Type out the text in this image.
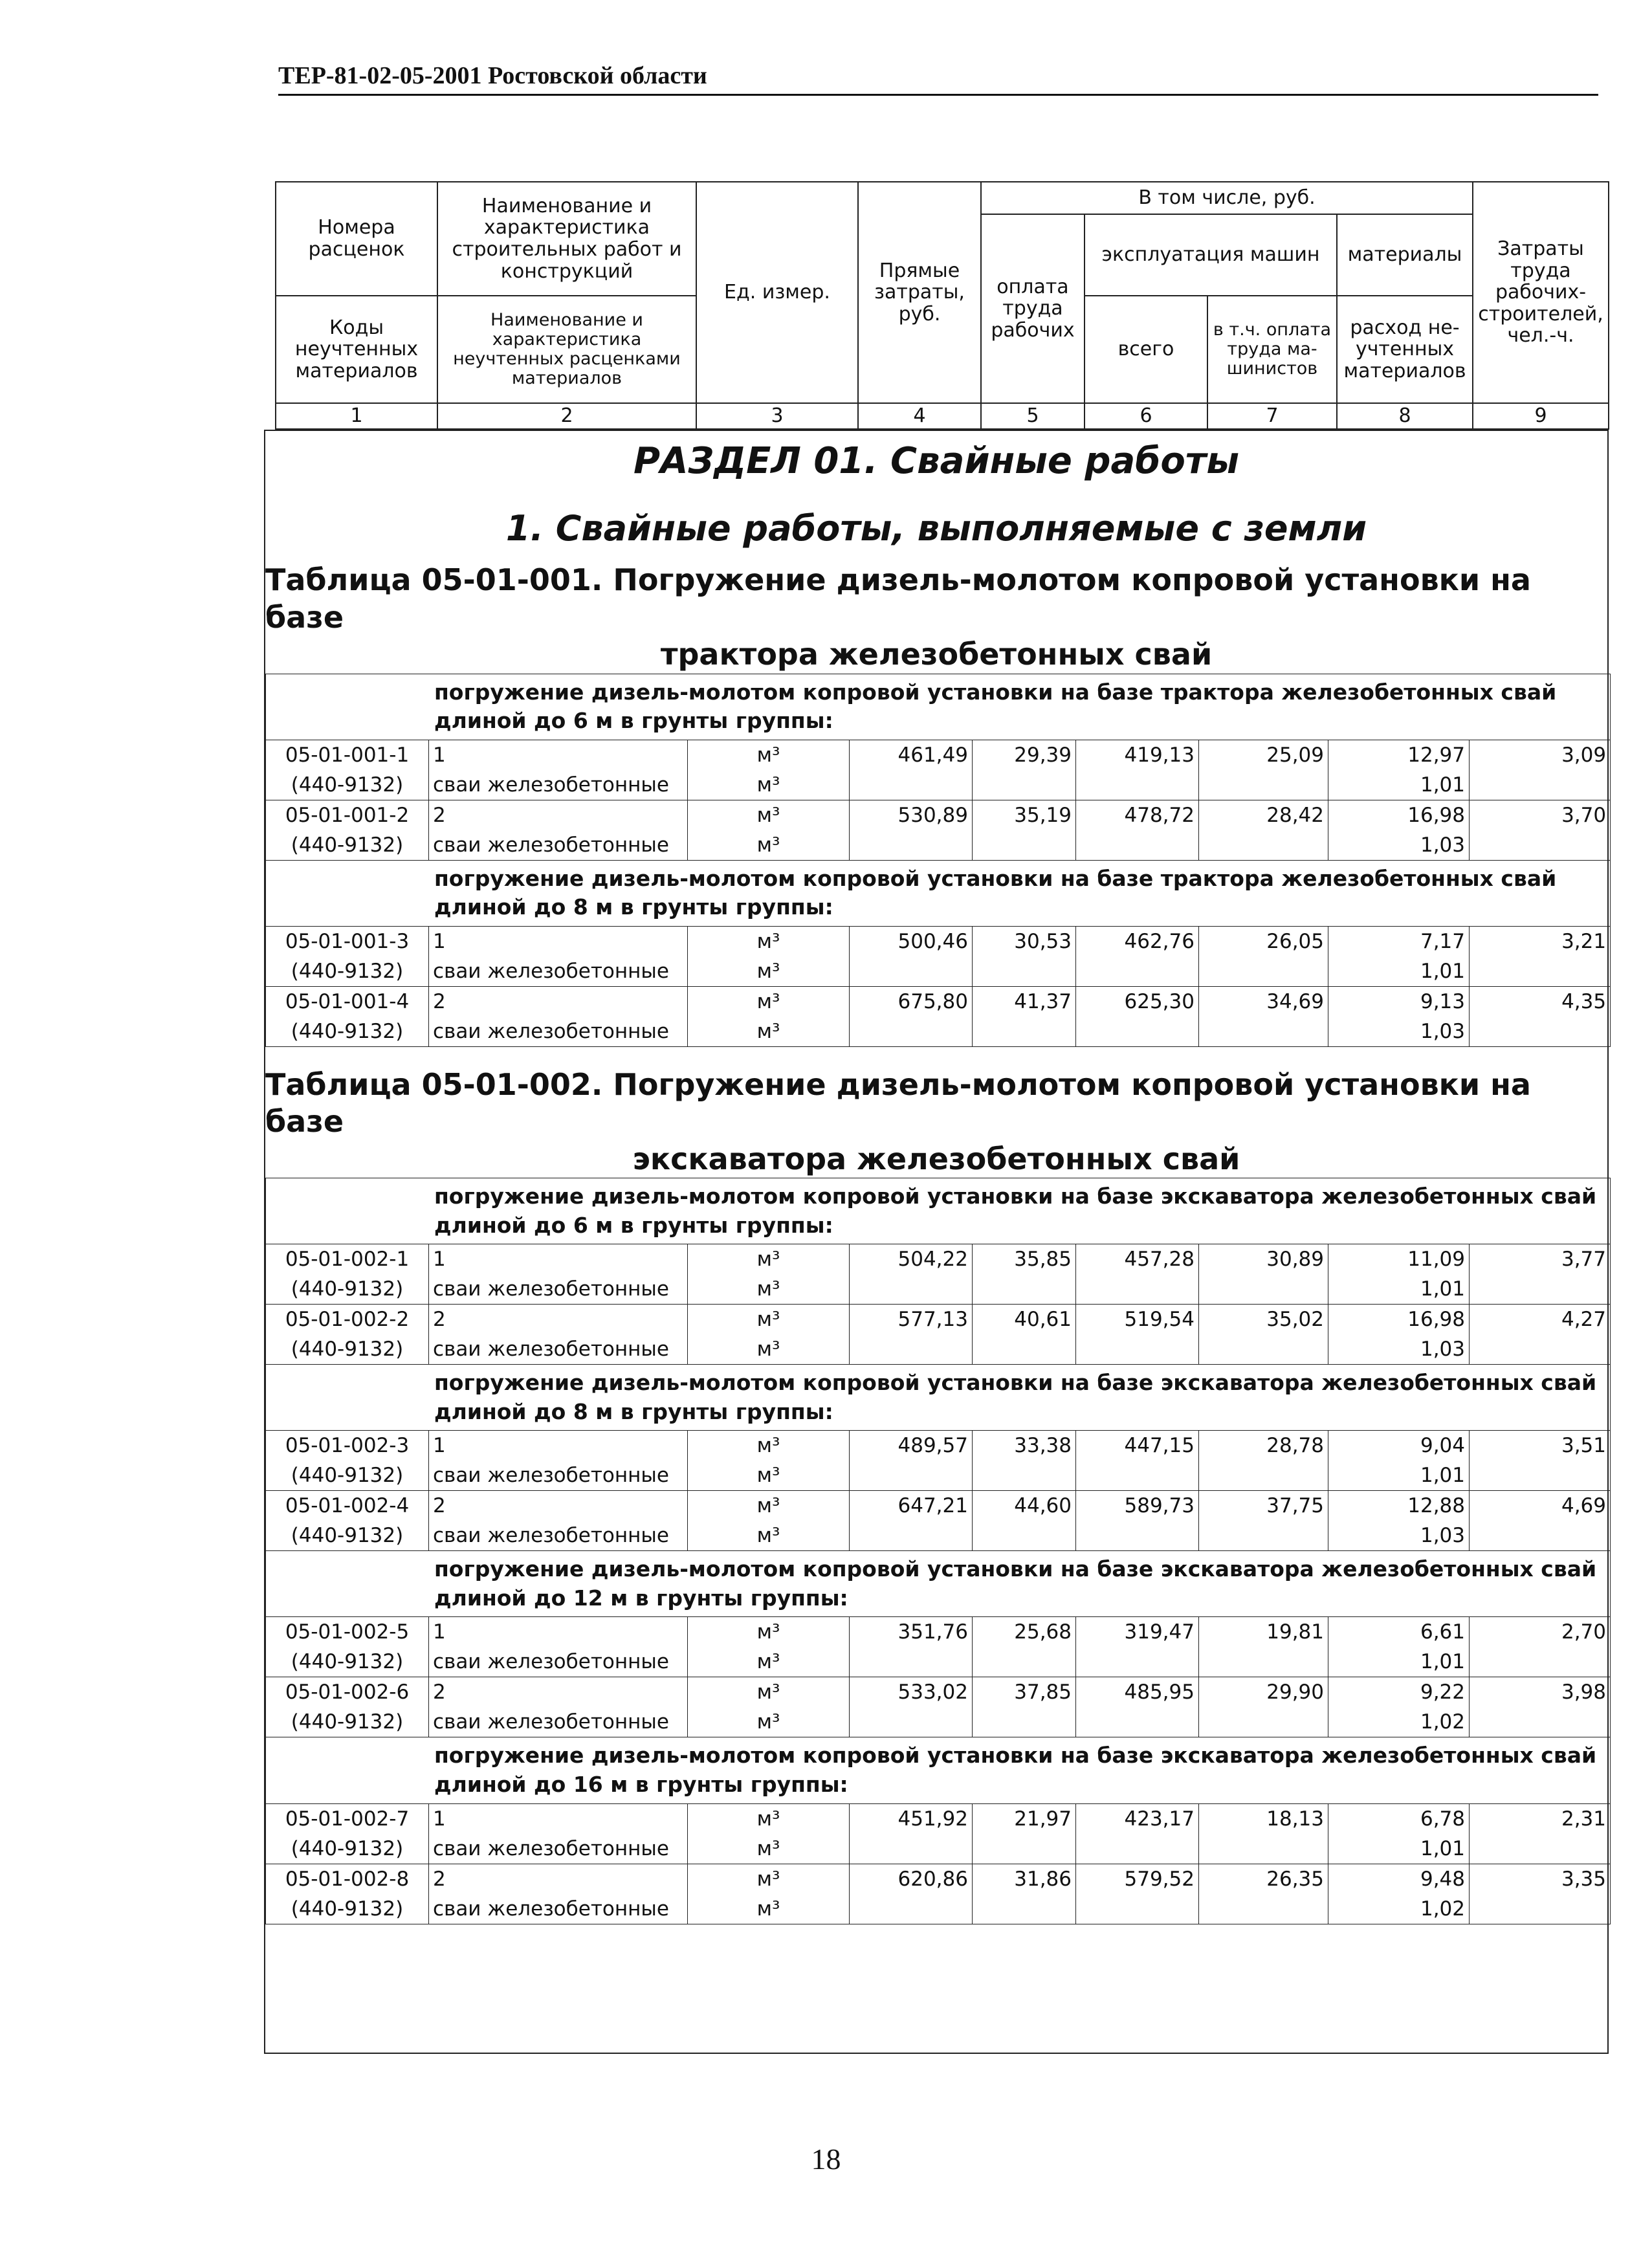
ТЕР-81-02-05-2001 Ростовской области
Номера расценок	Наименование и характеристика строительных работ и конструкций	Ед. измер.	Прямые затраты, руб.	В том числе, руб.				Затраты труда рабочих-строителей, чел.-ч.
				оплата труда рабочих	эксплуатация машин		материалы	
Коды неучтенных материалов	Наименование и характеристика неучтенных расценками материалов				всего	в т.ч. оплата труда ма-шинистов	расход не-учтенных материалов	

1	2	3	4	5	6	7	8	9

РАЗДЕЛ 01. Свайные работы

1. Свайные работы, выполняемые с земли

Таблица 05-01-001. Погружение дизель-молотом копровой установки на базе
трактора железобетонных свай

погружение дизель-молотом копровой установки на базе трактора железобетонных свай длиной до 6 м в грунты группы:								
05-01-001-1	1	м³	461,49	29,39	419,13	25,09	12,97	3,09
(440-9132)	сваи железобетонные	м³					1,01	
05-01-001-2	2	м³	530,89	35,19	478,72	28,42	16,98	3,70
(440-9132)	сваи железобетонные	м³					1,03	
погружение дизель-молотом копровой установки на базе трактора железобетонных свай длиной до 8 м в грунты группы:								
05-01-001-3	1	м³	500,46	30,53	462,76	26,05	7,17	3,21
(440-9132)	сваи железобетонные	м³					1,01	
05-01-001-4	2	м³	675,80	41,37	625,30	34,69	9,13	4,35
(440-9132)	сваи железобетонные	м³					1,03	

Таблица 05-01-002. Погружение дизель-молотом копровой установки на базе
экскаватора железобетонных свай

погружение дизель-молотом копровой установки на базе экскаватора железобетонных свай длиной до 6 м в грунты группы:								
05-01-002-1	1	м³	504,22	35,85	457,28	30,89	11,09	3,77
(440-9132)	сваи железобетонные	м³					1,01	
05-01-002-2	2	м³	577,13	40,61	519,54	35,02	16,98	4,27
(440-9132)	сваи железобетонные	м³					1,03	
погружение дизель-молотом копровой установки на базе экскаватора железобетонных свай длиной до 8 м в грунты группы:								
05-01-002-3	1	м³	489,57	33,38	447,15	28,78	9,04	3,51
(440-9132)	сваи железобетонные	м³					1,01	
05-01-002-4	2	м³	647,21	44,60	589,73	37,75	12,88	4,69
(440-9132)	сваи железобетонные	м³					1,03	
погружение дизель-молотом копровой установки на базе экскаватора железобетонных свай длиной до 12 м в грунты группы:								
05-01-002-5	1	м³	351,76	25,68	319,47	19,81	6,61	2,70
(440-9132)	сваи железобетонные	м³					1,01	
05-01-002-6	2	м³	533,02	37,85	485,95	29,90	9,22	3,98
(440-9132)	сваи железобетонные	м³					1,02	
погружение дизель-молотом копровой установки на базе экскаватора железобетонных свай длиной до 16 м в грунты группы:								
05-01-002-7	1	м³	451,92	21,97	423,17	18,13	6,78	2,31
(440-9132)	сваи железобетонные	м³					1,01	
05-01-002-8	2	м³	620,86	31,86	579,52	26,35	9,48	3,35
(440-9132)	сваи железобетонные	м³					1,02	
18
